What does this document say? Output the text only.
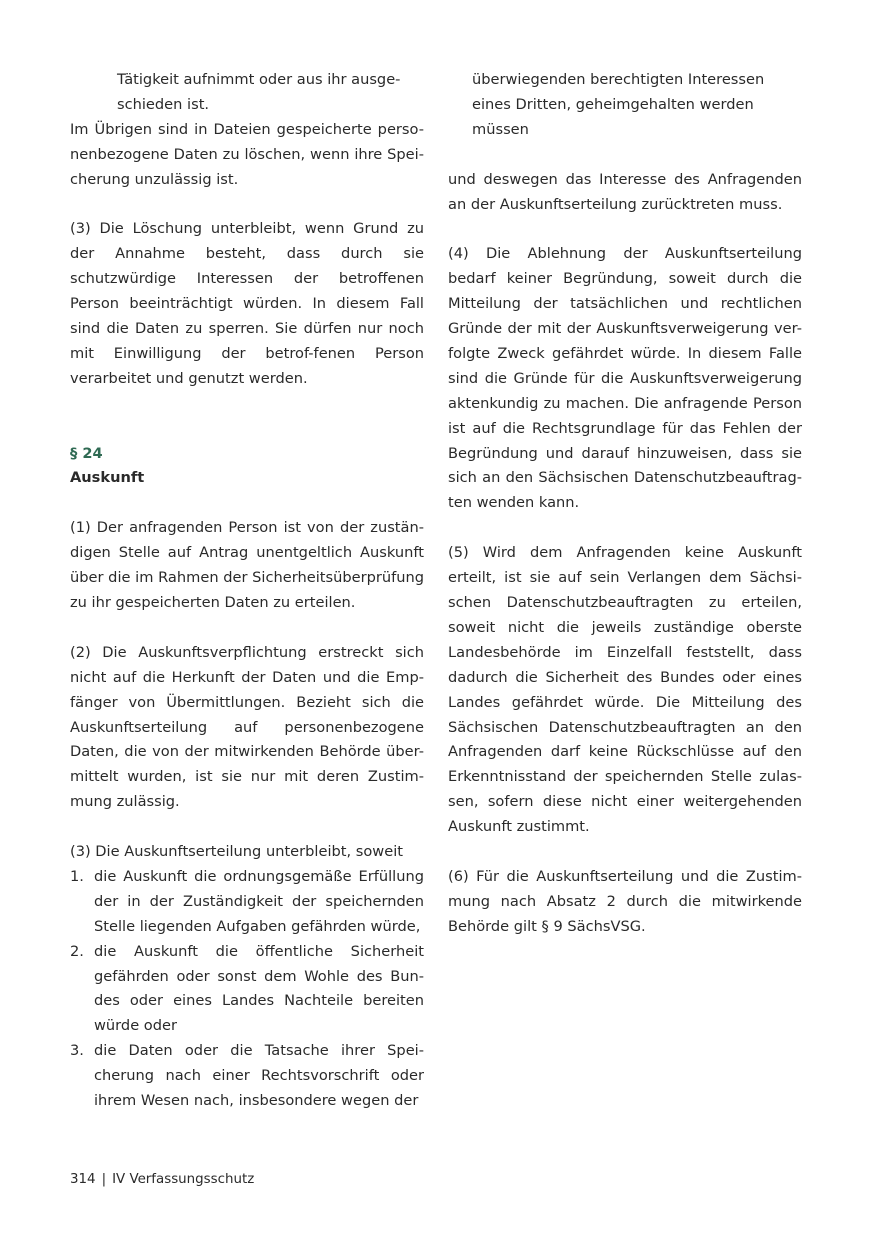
Tätigkeit aufnimmt oder aus ihr ausge-
schieden ist.

Im Übrigen sind in Dateien gespeicherte perso-nenbezogene Daten zu löschen, wenn ihre Spei-cherung unzulässig ist.

(3) Die Löschung unterbleibt, wenn Grund zu der Annahme besteht, dass durch sie schutzwürdige Interessen der betroffenen Person beeinträchtigt würden. In diesem Fall sind die Daten zu sperren. Sie dürfen nur noch mit Einwilligung der betrof-fenen Person verarbeitet und genutzt werden.

§ 24

Auskunft

(1) Der anfragenden Person ist von der zustän-digen Stelle auf Antrag unentgeltlich Auskunft über die im Rahmen der Sicherheitsüberprüfung zu ihr gespeicherten Daten zu erteilen.

(2) Die Auskunftsverpflichtung erstreckt sich nicht auf die Herkunft der Daten und die Emp-fänger von Übermittlungen. Bezieht sich die Auskunftserteilung auf personenbezogene Daten, die von der mitwirkenden Behörde über-mittelt wurden, ist sie nur mit deren Zustim-mung zulässig.

(3) Die Auskunftserteilung unterbleibt, soweit

1. die Auskunft die ordnungsgemäße Erfüllung der in der Zuständigkeit der speichernden Stelle liegenden Aufgaben gefährden würde,
2. die Auskunft die öffentliche Sicherheit gefährden oder sonst dem Wohle des Bun-des oder eines Landes Nachteile bereiten würde oder
3. die Daten oder die Tatsache ihrer Spei-cherung nach einer Rechtsvorschrift oder ihrem Wesen nach, insbesondere wegen der
überwiegenden berechtigten Interessen eines Dritten, geheimgehalten werden müssen

und deswegen das Interesse des Anfragenden an der Auskunftserteilung zurücktreten muss.

(4) Die Ablehnung der Auskunftserteilung bedarf keiner Begründung, soweit durch die Mitteilung der tatsächlichen und rechtlichen Gründe der mit der Auskunftsverweigerung ver-folgte Zweck gefährdet würde. In diesem Falle sind die Gründe für die Auskunftsverweigerung aktenkundig zu machen. Die anfragende Person ist auf die Rechtsgrundlage für das Fehlen der Begründung und darauf hinzuweisen, dass sie sich an den Sächsischen Datenschutzbeauftrag-ten wenden kann.

(5) Wird dem Anfragenden keine Auskunft erteilt, ist sie auf sein Verlangen dem Sächsi-schen Datenschutzbeauftragten zu erteilen, soweit nicht die jeweils zuständige oberste Landesbehörde im Einzelfall feststellt, dass dadurch die Sicherheit des Bundes oder eines Landes gefährdet würde. Die Mitteilung des Sächsischen Datenschutzbeauftragten an den Anfragenden darf keine Rückschlüsse auf den Erkenntnisstand der speichernden Stelle zulas-sen, sofern diese nicht einer weitergehenden Auskunft zustimmt.

(6) Für die Auskunftserteilung und die Zustim-mung nach Absatz 2 durch die mitwirkende Behörde gilt § 9 SächsVSG.

314 | IV Verfassungsschutz
